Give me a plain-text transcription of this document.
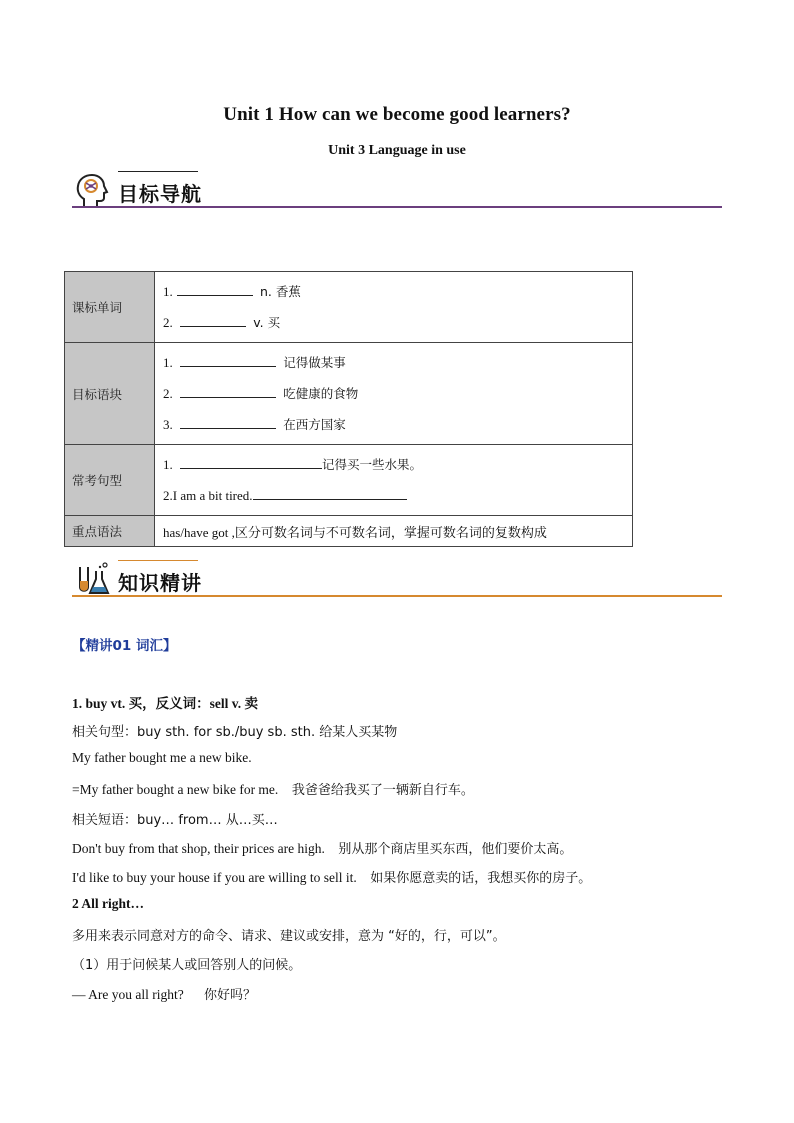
Unit 1 How can we become good learners?
Unit 3 Language in use
目标导航
课标单词	1. n. 香蕉
2. v. 买

目标语块	1. 记得做某事
2. 吃健康的食物
3. 在西方国家

常考句型	1. 记得买一些水果。
2.I am a bit tired.

重点语法	has/have got ,区分可数名词与不可数名词，掌握可数名词的复数构成
知识精讲
【精讲01 词汇】
1. buy vt. 买，反义词：sell v. 卖
相关句型：buy sth. for sb./buy sb. sth. 给某人买某物
My father bought me a new bike.
=My father bought a new bike for me. 我爸爸给我买了一辆新自行车。
相关短语：buy… from… 从…买…
Don't buy from that shop, their prices are high. 别从那个商店里买东西，他们要价太高。
I'd like to buy your house if you are willing to sell it. 如果你愿意卖的话，我想买你的房子。
2 All right…
多用来表示同意对方的命令、请求、建议或安排，意为 “好的，行，可以”。
（1）用于问候某人或回答别人的问候。
— Are you all right? 你好吗？
